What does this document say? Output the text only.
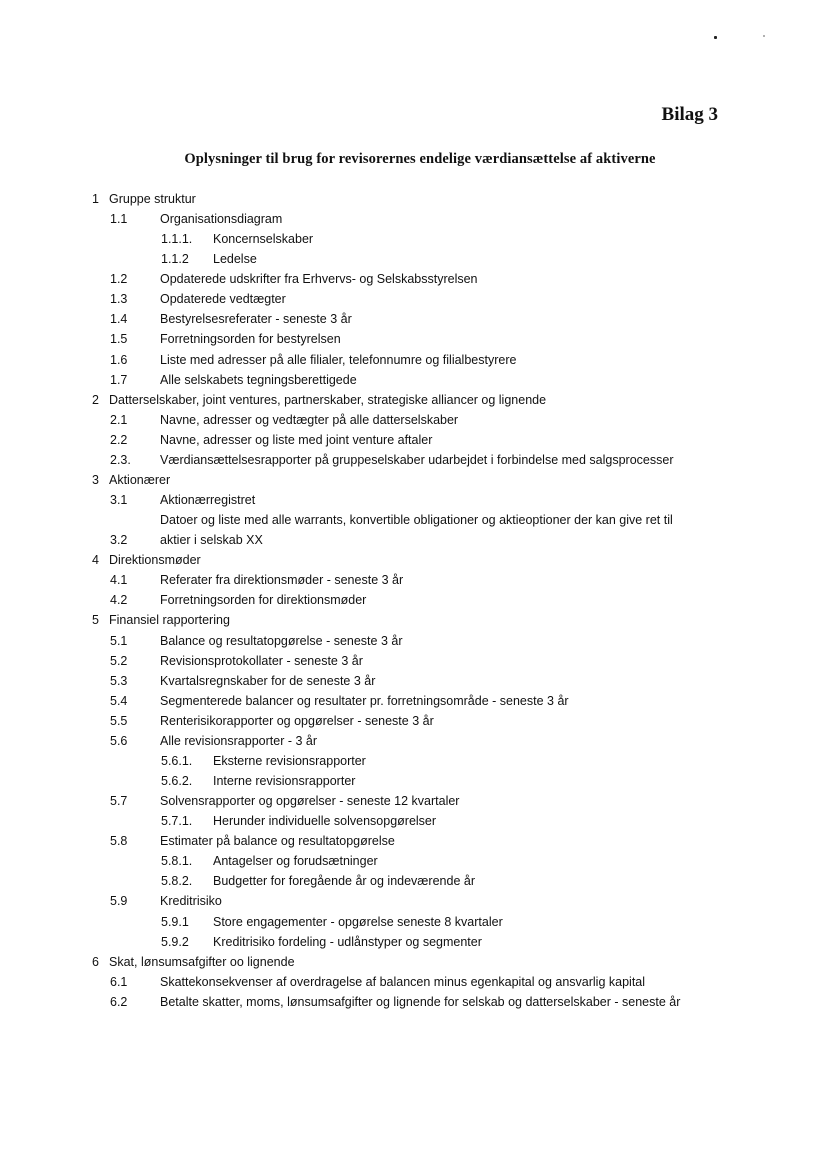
Bilag 3
Oplysninger til brug for revisorernes endelige værdiansættelse af aktiverne
1 Gruppe struktur
1.1	Organisationsdiagram
1.1.1. Koncernselskaber
1.1.2 Ledelse
1.2	Opdaterede udskrifter fra Erhvervs- og Selskabsstyrelsen
1.3	Opdaterede vedtægter
1.4	Bestyrelsesreferater - seneste 3 år
1.5	Forretningsorden for bestyrelsen
1.6	Liste med adresser på alle filialer, telefonnumre og filialbestyrere
1.7	Alle selskabets tegningsberettigede
2 Datterselskaber, joint ventures, partnerskaber, strategiske alliancer og lignende
2.1	Navne, adresser og vedtægter på alle datterselskaber
2.2	Navne, adresser og liste med joint venture aftaler
2.3. Værdiansættelsesrapporter på gruppeselskaber udarbejdet i forbindelse med salgsprocesser
3 Aktionærer
3.1	Aktionærregistret
Datoer og liste med alle warrants, konvertible obligationer og aktieoptioner der kan give ret til
3.2	aktier i selskab XX
4 Direktionsmøder
4.1	Referater fra direktionsmøder - seneste 3 år
4.2	Forretningsorden for direktionsmøder
5 Finansiel rapportering
5.1	Balance og resultatopgørelse - seneste 3 år
5.2	Revisionsprotokollater - seneste 3 år
5.3	Kvartalsregnskaber for de seneste 3 år
5.4	Segmenterede balancer og resultater pr. forretningsområde - seneste 3 år
5.5	Renterisikorapporter og opgørelser - seneste 3 år
5.6	Alle revisionsrapporter - 3 år
5.6.1. Eksterne revisionsrapporter
5.6.2. Interne revisionsrapporter
5.7	Solvensrapporter og opgørelser - seneste 12 kvartaler
5.7.1. Herunder individuelle solvensopgørelser
5.8	Estimater på balance og resultatopgørelse
5.8.1. Antagelser og forudsætninger
5.8.2. Budgetter for foregående år og indeværende år
5.9	Kreditrisiko
5.9.1 Store engagementer - opgørelse seneste 8 kvartaler
5.9.2 Kreditrisiko fordeling - udlånstyper og segmenter
6 Skat, lønsumsafgifter oo lignende
6.1	Skattekonsekvenser af overdragelse af balancen minus egenkapital og ansvarlig kapital
6.2	Betalte skatter, moms, lønsumsafgifter og lignende for selskab og datterselskaber - seneste år
